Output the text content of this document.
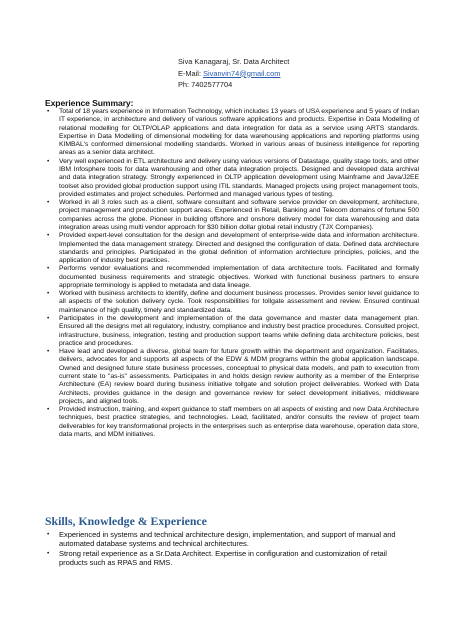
Siva Kanagaraj, Sr. Data Architect
E-Mail: Sivanvin74@gmail.com
Ph: 7402577704
Experience Summary:
• Total of 18 years experience in Information Technology, which includes 13 years of USA experience and 5 years of Indian IT experience, in architecture and delivery of various software applications and products. Expertise in Data Modelling of relational modelling for OLTP/OLAP applications and data integration for data as a service using ARTS standards. Expertise in Data Modelling of dimensional modelling for data warehousing applications and reporting platforms using KIMBAL's conformed dimensional modelling standards. Worked in various areas of business intelligence for reporting areas as a senior data architect.
• Very well experienced in ETL architecture and delivery using various versions of Datastage, quality stage tools, and other IBM Infosphere tools for data warehousing and other data integration projects. Designed and developed data archival and data integration strategy. Strongly experienced in OLTP application development using Mainframe and Java/J2EE toolset also provided global production support using ITIL standards. Managed projects using project management tools, provided estimates and project schedules. Performed and managed various types of testing.
• Worked in all 3 roles such as a client, software consultant and software service provider on development, architecture, project management and production support areas. Experienced in Retail, Banking and Telecom domains of fortune 500 companies across the globe. Pioneer in building offshore and onshore delivery model for data warehousing and data integration areas using multi vendor approach for $30 billion dollar global retail industry (TJX Companies).
• Provided expert-level consultation for the design and development of enterprise-wide data and information architecture. Implemented the data management strategy. Directed and designed the configuration of data. Defined data architecture standards and principles. Participated in the global definition of information architecture principles, policies, and the application of industry best practices.
• Performs vendor evaluations and recommended implementation of data architecture tools. Facilitated and formally documented business requirements and strategic objectives. Worked with functional business partners to ensure appropriate terminology is applied to metadata and data lineage.
• Worked with business architects to identify, define and document business processes. Provides senior level guidance to all aspects of the solution delivery cycle. Took responsibilities for tollgate assessment and review. Ensured continual maintenance of high quality, timely and standardized data.
• Participates in the development and implementation of the data governance and master data management plan. Ensured all the designs met all regulatory, industry, compliance and industry best practice procedures. Consulted project, infrastructure, business, integration, testing and production support teams while defining data architecture policies, best practice and procedures.
• Have lead and developed a diverse, global team for future growth within the department and organization. Facilitates, delivers, advocates for and supports all aspects of the EDW & MDM programs within the global application landscape. Owned and designed future state business processes, conceptual to physical data models, and path to execution from current state to "as-is" assessments. Participates in and holds design review authority as a member of the Enterprise Architecture (EA) review board during business initiative tollgate and solution project deliverables. Worked with Data Architects, provides guidance in the design and governance review for select development initiatives, middleware projects, and aligned tools.
• Provided instruction, training, and expert guidance to staff members on all aspects of existing and new Data Architecture techniques, best practice strategies, and technologies. Lead, facilitated, and/or consults the review of project team deliverables for key transformational projects in the enterprises such as enterprise data warehouse, operation data store, data marts, and MDM initiatives.
Skills, Knowledge & Experience
• Experienced in systems and technical architecture design, implementation, and support of manual and automated database systems and technical architectures.
• Strong retail experience as a Sr.Data Architect. Expertise in configuration and customization of retail products such as RPAS and RMS.
